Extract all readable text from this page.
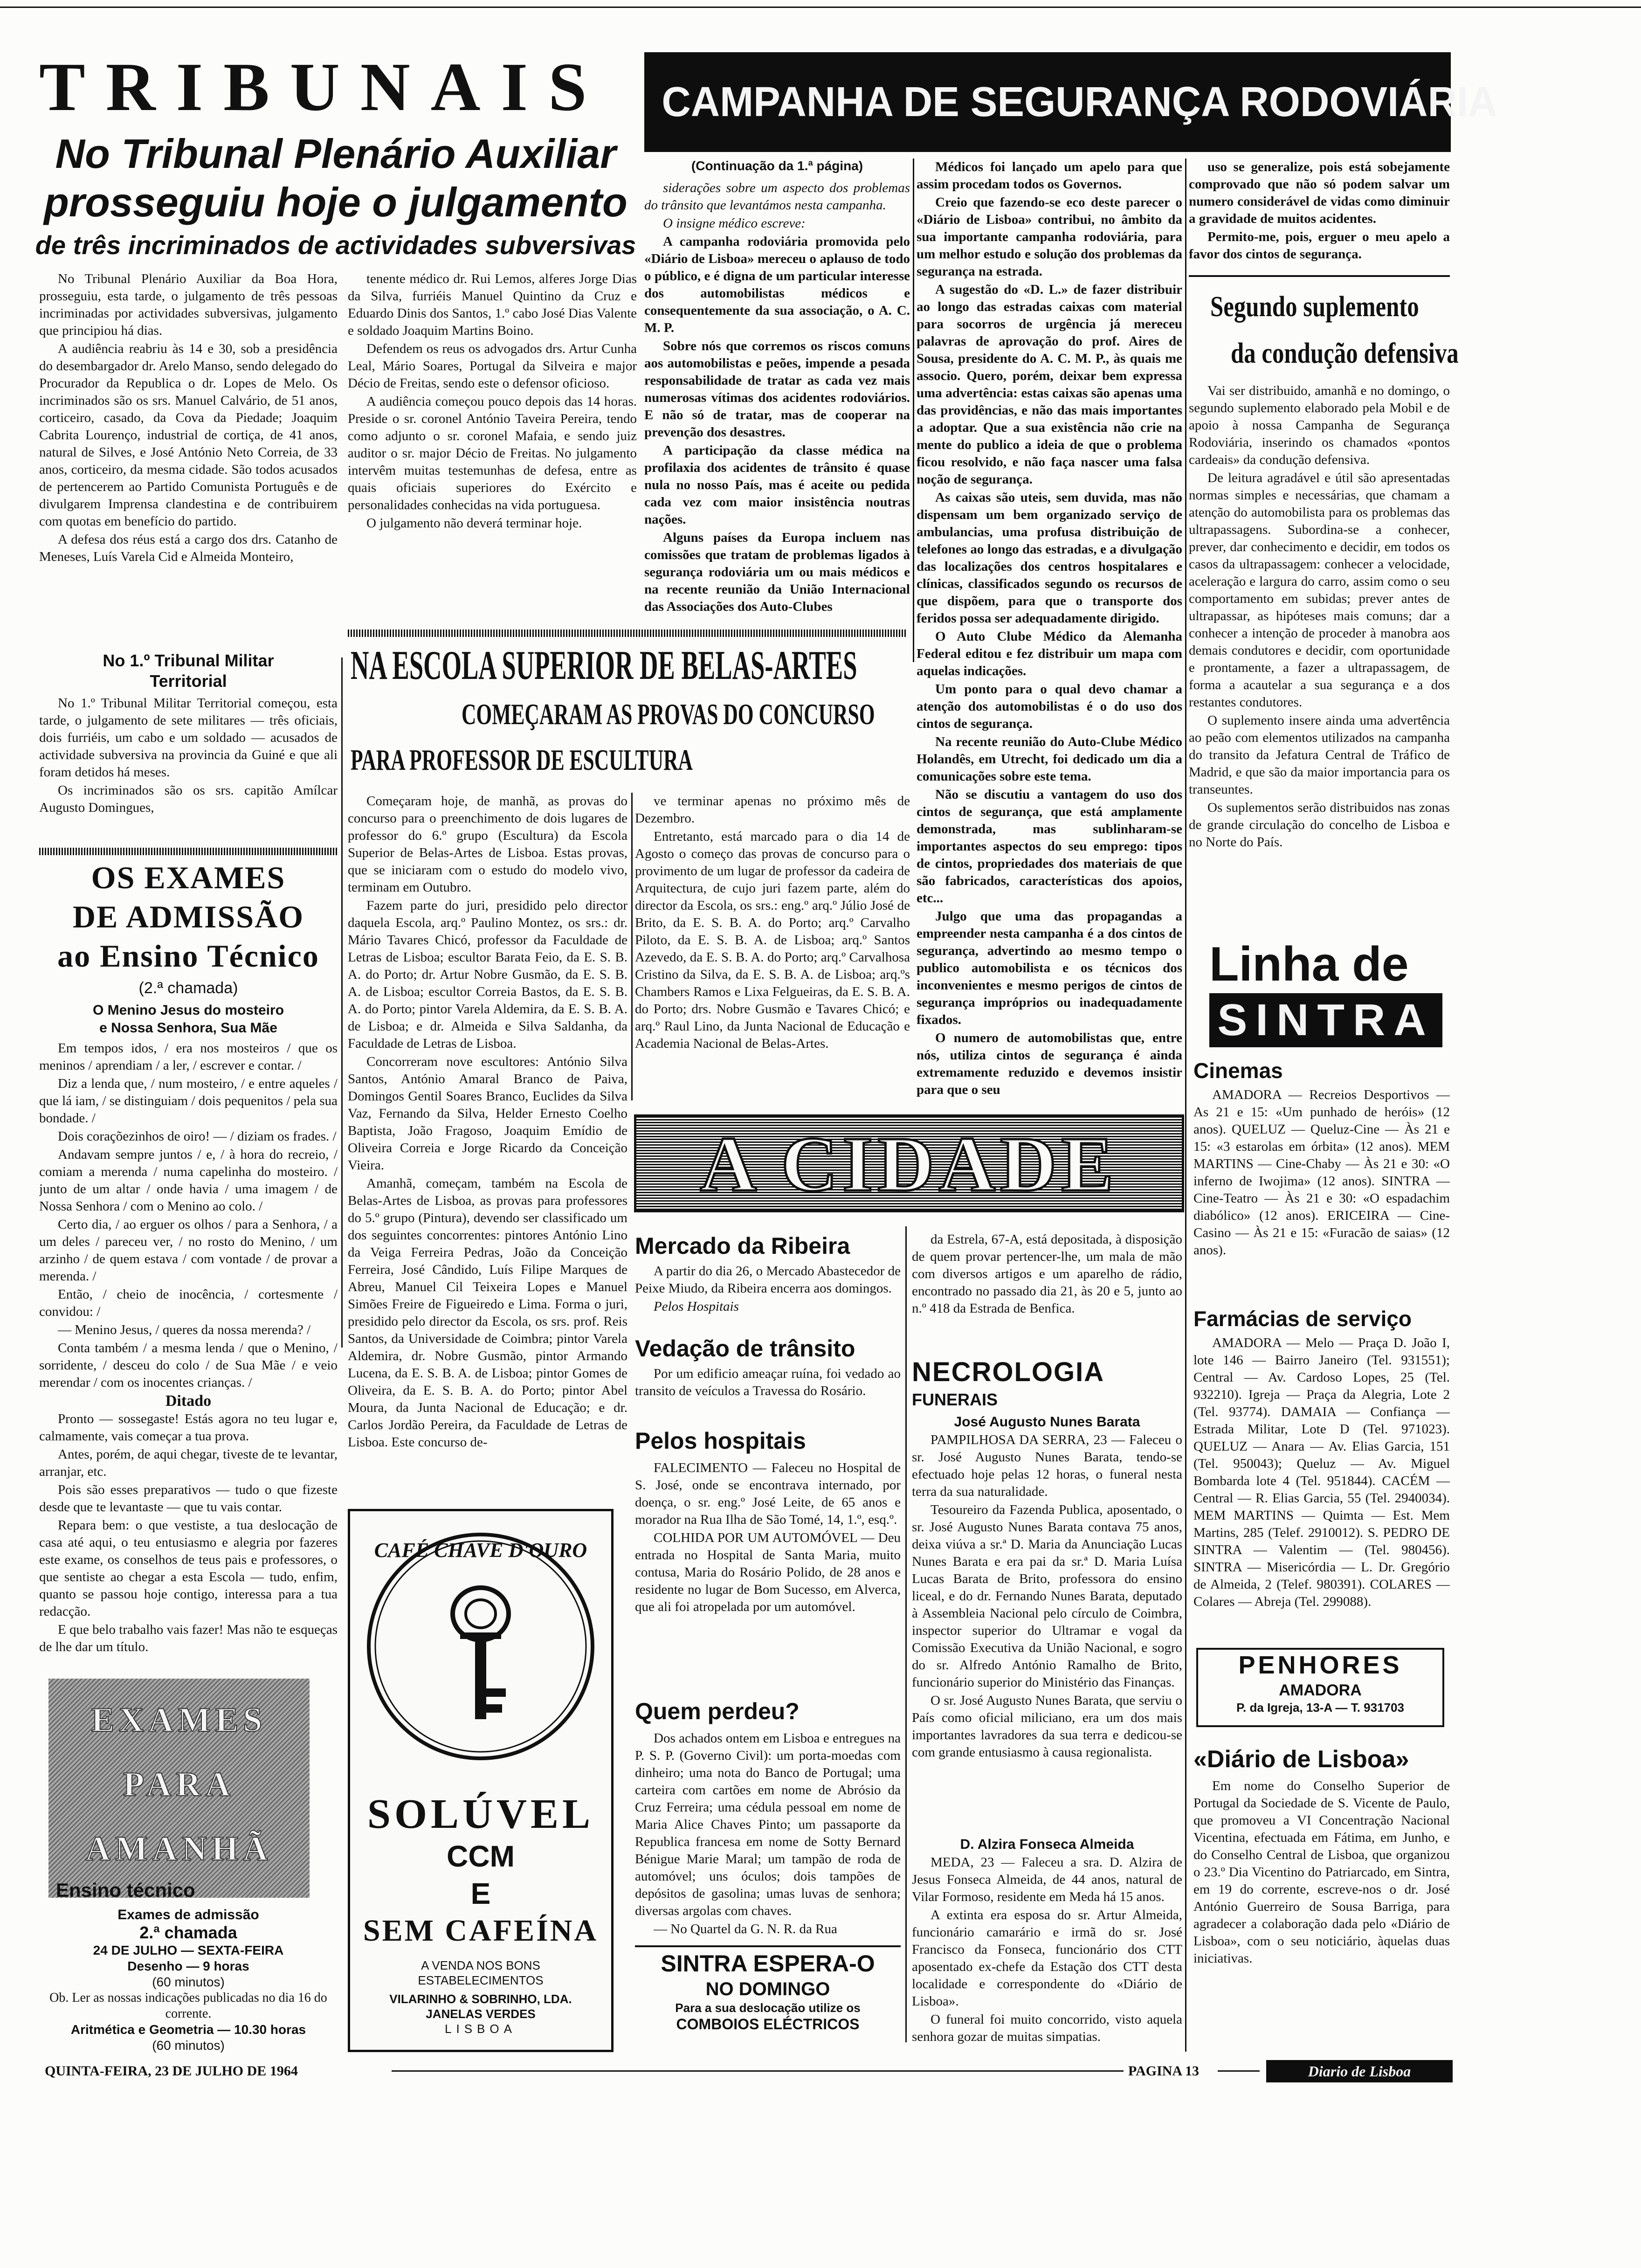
TRIBUNAIS
No Tribunal Plenário Auxiliar
prosseguiu hoje o julgamento
de três incriminados de actividades subversivas

No Tribunal Plenário Auxiliar da Boa Hora, prosseguiu, esta tarde, o julgamento de três pessoas incriminadas por actividades subversivas, julgamento que principiou há dias.

A audiência reabriu às 14 e 30, sob a presidência do desembargador dr. Arelo Manso, sendo delegado do Procurador da Republica o dr. Lopes de Melo. Os incriminados são os srs. Manuel Calvário, de 51 anos, corticeiro, casado, da Cova da Piedade; Joaquim Cabrita Lourenço, industrial de cortiça, de 41 anos, natural de Silves, e José António Neto Correia, de 33 anos, corticeiro, da mesma cidade. São todos acusados de pertencerem ao Partido Comunista Português e de divulgarem Imprensa clandestina e de contribuirem com quotas em benefício do partido.

A defesa dos réus está a cargo dos drs. Catanho de Meneses, Luís Varela Cid e Almeida Monteiro,

No 1.º Tribunal Militar
Territorial

No 1.º Tribunal Militar Territorial começou, esta tarde, o julgamento de sete militares — três oficiais, dois furriéis, um cabo e um soldado — acusados de actividade subversiva na provincia da Guiné e que ali foram detidos há meses.

Os incriminados são os srs. capitão Amílcar Augusto Domingues,

tenente médico dr. Rui Lemos, alferes Jorge Dias da Silva, furriéis Manuel Quintino da Cruz e Eduardo Dinis dos Santos, 1.º cabo José Dias Valente e soldado Joaquim Martins Boino.

Defendem os reus os advogados drs. Artur Cunha Leal, Mário Soares, Portugal da Silveira e major Décio de Freitas, sendo este o defensor oficioso.

A audiência começou pouco depois das 14 horas. Preside o sr. coronel António Taveira Pereira, tendo como adjunto o sr. coronel Mafaia, e sendo juiz auditor o sr. major Décio de Freitas. No julgamento intervêm muitas testemunhas de defesa, entre as quais oficiais superiores do Exército e personalidades conhecidas na vida portuguesa.

O julgamento não deverá terminar hoje.

OS EXAMES
DE ADMISSÃO
ao Ensino Técnico
(2.ª chamada)
O Menino Jesus do mosteiro
e Nossa Senhora, Sua Mãe

Em tempos idos, / era nos mosteiros / que os meninos / aprendiam / a ler, / escrever e contar. /

Diz a lenda que, / num mosteiro, / e entre aqueles / que lá iam, / se distinguiam / dois pequenitos / pela sua bondade. /

Dois coraçõezinhos de oiro! — / diziam os frades. /

Andavam sempre juntos / e, / à hora do recreio, / comiam a merenda / numa capelinha do mosteiro. / junto de um altar / onde havia / uma imagem / de Nossa Senhora / com o Menino ao colo. /

Certo dia, / ao erguer os olhos / para a Senhora, / a um deles / pareceu ver, / no rosto do Menino, / um arzinho / de quem estava / com vontade / de provar a merenda. /

Então, / cheio de inocência, / cortesmente / convidou: /

— Menino Jesus, / queres da nossa merenda? /

Conta também / a mesma lenda / que o Menino, / sorridente, / desceu do colo / de Sua Mãe / e veio merendar / com os inocentes crianças. /

Ditado

Pronto — sossegaste! Estás agora no teu lugar e, calmamente, vais começar a tua prova.

Antes, porém, de aqui chegar, tiveste de te levantar, arranjar, etc.

Pois são esses preparativos — tudo o que fizeste desde que te levantaste — que tu vais contar.

Repara bem: o que vestiste, a tua deslocação de casa até aqui, o teu entusiasmo e alegria por fazeres este exame, os conselhos de teus pais e professores, o que sentiste ao chegar a esta Escola — tudo, enfim, quanto se passou hoje contigo, interessa para a tua redacção.

E que belo trabalho vais fazer! Mas não te esqueças de lhe dar um título.

EXAMES PARA AMANHÃ
Ensino técnico
Exames de admissão
2.ª chamada
24 DE JULHO — SEXTA-FEIRA
Desenho — 9 horas
(60 minutos)
Ob. Ler as nossas indicações publicadas no dia 16 do corrente.
Aritmética e Geometria — 10.30 horas
(60 minutos)
CAMPANHA DE SEGURANÇA RODOVIÁRIA
(Continuação da 1.ª página)

siderações sobre um aspecto dos problemas do trânsito que levantámos nesta campanha.

O insigne médico escreve:

A campanha rodoviária promovida pelo «Diário de Lisboa» mereceu o aplauso de todo o público, e é digna de um particular interesse dos automobilistas médicos e consequentemente da sua associação, o A. C. M. P.

Sobre nós que corremos os riscos comuns aos automobilistas e peões, impende a pesada responsabilidade de tratar as cada vez mais numerosas vítimas dos acidentes rodoviários. E não só de tratar, mas de cooperar na prevenção dos desastres.

A participação da classe médica na profilaxia dos acidentes de trânsito é quase nula no nosso País, mas é aceite ou pedida cada vez com maior insistência noutras nações.

Alguns países da Europa incluem nas comissões que tratam de problemas ligados à segurança rodoviária um ou mais médicos e na recente reunião da União Internacional das Associações dos Auto-Clubes

Médicos foi lançado um apelo para que assim procedam todos os Governos.

Creio que fazendo-se eco deste parecer o «Diário de Lisboa» contribui, no âmbito da sua importante campanha rodoviária, para um melhor estudo e solução dos problemas da segurança na estrada.

A sugestão do «D. L.» de fazer distribuir ao longo das estradas caixas com material para socorros de urgência já mereceu palavras de aprovação do prof. Aires de Sousa, presidente do A. C. M. P., às quais me associo. Quero, porém, deixar bem expressa uma advertência: estas caixas são apenas uma das providências, e não das mais importantes a adoptar. Que a sua existência não crie na mente do publico a ideia de que o problema ficou resolvido, e não faça nascer uma falsa noção de segurança.

As caixas são uteis, sem duvida, mas não dispensam um bem organizado serviço de ambulancias, uma profusa distribuição de telefones ao longo das estradas, e a divulgação das localizações dos centros hospitalares e clínicas, classificados segundo os recursos de que dispõem, para que o transporte dos feridos possa ser adequadamente dirigido.

O Auto Clube Médico da Alemanha Federal editou e fez distribuir um mapa com aquelas indicações.

Um ponto para o qual devo chamar a atenção dos automobilistas é o do uso dos cintos de segurança.

Na recente reunião do Auto-Clube Médico Holandês, em Utrecht, foi dedicado um dia a comunicações sobre este tema.

Não se discutiu a vantagem do uso dos cintos de segurança, que está amplamente demonstrada, mas sublinharam-se importantes aspectos do seu emprego: tipos de cintos, propriedades dos materiais de que são fabricados, características dos apoios, etc...

Julgo que uma das propagandas a empreender nesta campanha é a dos cintos de segurança, advertindo ao mesmo tempo o publico automobilista e os técnicos dos inconvenientes e mesmo perigos de cintos de segurança impróprios ou inadequadamente fixados.

O numero de automobilistas que, entre nós, utiliza cintos de segurança é ainda extremamente reduzido e devemos insistir para que o seu

uso se generalize, pois está sobejamente comprovado que não só podem salvar um numero considerável de vidas como diminuir a gravidade de muitos acidentes.

Permito-me, pois, erguer o meu apelo a favor dos cintos de segurança.

Segundo suplemento
da condução defensiva

Vai ser distribuido, amanhã e no domingo, o segundo suplemento elaborado pela Mobil e de apoio à nossa Campanha de Segurança Rodoviária, inserindo os chamados «pontos cardeais» da condução defensiva.

De leitura agradável e útil são apresentadas normas simples e necessárias, que chamam a atenção do automobilista para os problemas das ultrapassagens. Subordina-se a conhecer, prever, dar conhecimento e decidir, em todos os casos da ultrapassagem: conhecer a velocidade, aceleração e largura do carro, assim como o seu comportamento em subidas; prever antes de ultrapassar, as hipóteses mais comuns; dar a conhecer a intenção de proceder à manobra aos demais condutores e decidir, com oportunidade e prontamente, a fazer a ultrapassagem, de forma a acautelar a sua segurança e a dos restantes condutores.

O suplemento insere ainda uma advertência ao peão com elementos utilizados na campanha do transito da Jefatura Central de Tráfico de Madrid, e que são da maior importancia para os transeuntes.

Os suplementos serão distribuidos nas zonas de grande circulação do concelho de Lisboa e no Norte do País.

NA ESCOLA SUPERIOR DE BELAS-ARTES
COMEÇARAM AS PROVAS DO CONCURSO
PARA PROFESSOR DE ESCULTURA

Começaram hoje, de manhã, as provas do concurso para o preenchimento de dois lugares de professor do 6.º grupo (Escultura) da Escola Superior de Belas-Artes de Lisboa. Estas provas, que se iniciaram com o estudo do modelo vivo, terminam em Outubro.

Fazem parte do juri, presidido pelo director daquela Escola, arq.º Paulino Montez, os srs.: dr. Mário Tavares Chicó, professor da Faculdade de Letras de Lisboa; escultor Barata Feio, da E. S. B. A. do Porto; dr. Artur Nobre Gusmão, da E. S. B. A. de Lisboa; escultor Correia Bastos, da E. S. B. A. do Porto; pintor Varela Aldemira, da E. S. B. A. de Lisboa; e dr. Almeida e Silva Saldanha, da Faculdade de Letras de Lisboa.

Concorreram nove escultores: António Silva Santos, António Amaral Branco de Paiva, Domingos Gentil Soares Branco, Euclides da Silva Vaz, Fernando da Silva, Helder Ernesto Coelho Baptista, João Fragoso, Joaquim Emídio de Oliveira Correia e Jorge Ricardo da Conceição Vieira.

Amanhã, começam, também na Escola de Belas-Artes de Lisboa, as provas para professores do 5.º grupo (Pintura), devendo ser classificado um dos seguintes concorrentes: pintores António Lino da Veiga Ferreira Pedras, João da Conceição Ferreira, José Cândido, Luís Filipe Marques de Abreu, Manuel Cil Teixeira Lopes e Manuel Simões Freire de Figueiredo e Lima. Forma o juri, presidido pelo director da Escola, os srs. prof. Reis Santos, da Universidade de Coimbra; pintor Varela Aldemira, dr. Nobre Gusmão, pintor Armando Lucena, da E. S. B. A. de Lisboa; pintor Gomes de Oliveira, da E. S. B. A. do Porto; pintor Abel Moura, da Junta Nacional de Educação; e dr. Carlos Jordão Pereira, da Faculdade de Letras de Lisboa. Este concurso de-

ve terminar apenas no próximo mês de Dezembro.

Entretanto, está marcado para o dia 14 de Agosto o começo das provas de concurso para o provimento de um lugar de professor da cadeira de Arquitectura, de cujo juri fazem parte, além do director da Escola, os srs.: eng.º arq.º Júlio José de Brito, da E. S. B. A. do Porto; arq.º Carvalho Piloto, da E. S. B. A. de Lisboa; arq.º Santos Azevedo, da E. S. B. A. do Porto; arq.º Carvalhosa Cristino da Silva, da E. S. B. A. de Lisboa; arq.ºs Chambers Ramos e Lixa Felgueiras, da E. S. B. A. do Porto; drs. Nobre Gusmão e Tavares Chicó; e arq.º Raul Lino, da Junta Nacional de Educação e Academia Nacional de Belas-Artes.

CAFÉ CHAVE D'OURO
SOLÚVEL
CCM
E
SEM CAFEÍNA
A VENDA NOS BONS
ESTABELECIMENTOS
VILARINHO & SOBRINHO, LDA.
JANELAS VERDES
LISBOA
A CIDADE
Mercado da Ribeira

A partir do dia 26, o Mercado Abastecedor de Peixe Miudo, da Ribeira encerra aos domingos.

Pelos Hospitais

Vedação de trânsito

Por um edificio ameaçar ruína, foi vedado ao transito de veículos a Travessa do Rosário.

Pelos hospitais

FALECIMENTO — Faleceu no Hospital de S. José, onde se encontrava internado, por doença, o sr. eng.º José Leite, de 65 anos e morador na Rua Ilha de São Tomé, 14, 1.º, esq.º.

COLHIDA POR UM AUTOMÓVEL — Deu entrada no Hospital de Santa Maria, muito contusa, Maria do Rosário Polido, de 28 anos e residente no lugar de Bom Sucesso, em Alverca, que ali foi atropelada por um automóvel.

Quem perdeu?

Dos achados ontem em Lisboa e entregues na P. S. P. (Governo Civil): um porta-moedas com dinheiro; uma nota do Banco de Portugal; uma carteira com cartões em nome de Abrósio da Cruz Ferreira; uma cédula pessoal em nome de Maria Alice Chaves Pinto; um passaporte da Republica francesa em nome de Sotty Bernard Bénigue Marie Maral; um tampão de roda de automóvel; uns óculos; dois tampões de depósitos de gasolina; umas luvas de senhora; diversas argolas com chaves.

— No Quartel da G. N. R. da Rua

SINTRA ESPERA-O
NO DOMINGO
Para a sua deslocação utilize os
COMBOIOS ELÉCTRICOS

da Estrela, 67-A, está depositada, à disposição de quem provar pertencer-lhe, um mala de mão com diversos artigos e um aparelho de rádio, encontrado no passado dia 21, às 20 e 5, junto ao n.º 418 da Estrada de Benfica.

NECROLOGIA
FUNERAIS
José Augusto Nunes Barata

PAMPILHOSA DA SERRA, 23 — Faleceu o sr. José Augusto Nunes Barata, tendo-se efectuado hoje pelas 12 horas, o funeral nesta terra da sua naturalidade.

Tesoureiro da Fazenda Publica, aposentado, o sr. José Augusto Nunes Barata contava 75 anos, deixa viúva a sr.ª D. Maria da Anunciação Lucas Nunes Barata e era pai da sr.ª D. Maria Luísa Lucas Barata de Brito, professora do ensino liceal, e do dr. Fernando Nunes Barata, deputado à Assembleia Nacional pelo círculo de Coimbra, inspector superior do Ultramar e vogal da Comissão Executiva da União Nacional, e sogro do sr. Alfredo António Ramalho de Brito, funcionário superior do Ministério das Finanças.

O sr. José Augusto Nunes Barata, que serviu o País como oficial miliciano, era um dos mais importantes lavradores da sua terra e dedicou-se com grande entusiasmo à causa regionalista.

D. Alzira Fonseca Almeida

MEDA, 23 — Faleceu a sra. D. Alzira de Jesus Fonseca Almeida, de 44 anos, natural de Vilar Formoso, residente em Meda há 15 anos.

A extinta era esposa do sr. Artur Almeida, funcionário camarário e irmã do sr. José Francisco da Fonseca, funcionário dos CTT aposentado ex-chefe da Estação dos CTT desta localidade e correspondente do «Diário de Lisboa».

O funeral foi muito concorrido, visto aquela senhora gozar de muitas simpatias.

Linha de
SINTRA
Cinemas

AMADORA — Recreios Desportivos — As 21 e 15: «Um punhado de heróis» (12 anos). QUELUZ — Queluz-Cine — Às 21 e 15: «3 estarolas em órbita» (12 anos). MEM MARTINS — Cine-Chaby — Às 21 e 30: «O inferno de Iwojima» (12 anos). SINTRA — Cine-Teatro — Às 21 e 30: «O espadachim diabólico» (12 anos). ERICEIRA — Cine-Casino — Às 21 e 15: «Furacão de saias» (12 anos).

Farmácias de serviço

AMADORA — Melo — Praça D. João I, lote 146 — Bairro Janeiro (Tel. 931551); Central — Av. Cardoso Lopes, 25 (Tel. 932210). Igreja — Praça da Alegria, Lote 2 (Tel. 93774). DAMAIA — Confiança — Estrada Militar, Lote D (Tel. 971023). QUELUZ — Anara — Av. Elias Garcia, 151 (Tel. 950043); Queluz — Av. Miguel Bombarda lote 4 (Tel. 951844). CACÉM — Central — R. Elias Garcia, 55 (Tel. 2940034). MEM MARTINS — Quimta — Est. Mem Martins, 285 (Telef. 2910012). S. PEDRO DE SINTRA — Valentim — (Tel. 980456). SINTRA — Misericórdia — L. Dr. Gregório de Almeida, 2 (Telef. 980391). COLARES — Colares — Abreja (Tel. 299088).

PENHORES
AMADORA
P. da Igreja, 13-A — T. 931703
«Diário de Lisboa»

Em nome do Conselho Superior de Portugal da Sociedade de S. Vicente de Paulo, que promoveu a VI Concentração Nacional Vicentina, efectuada em Fátima, em Junho, e do Conselho Central de Lisboa, que organizou o 23.º Dia Vicentino do Patriarcado, em Sintra, em 19 do corrente, escreve-nos o dr. José António Guerreiro de Sousa Barriga, para agradecer a colaboração dada pelo «Diário de Lisboa», com o seu noticiário, àquelas duas iniciativas.

QUINTA-FEIRA, 23 DE JULHO DE 1964	PAGINA 13	Diario de Lisboa
